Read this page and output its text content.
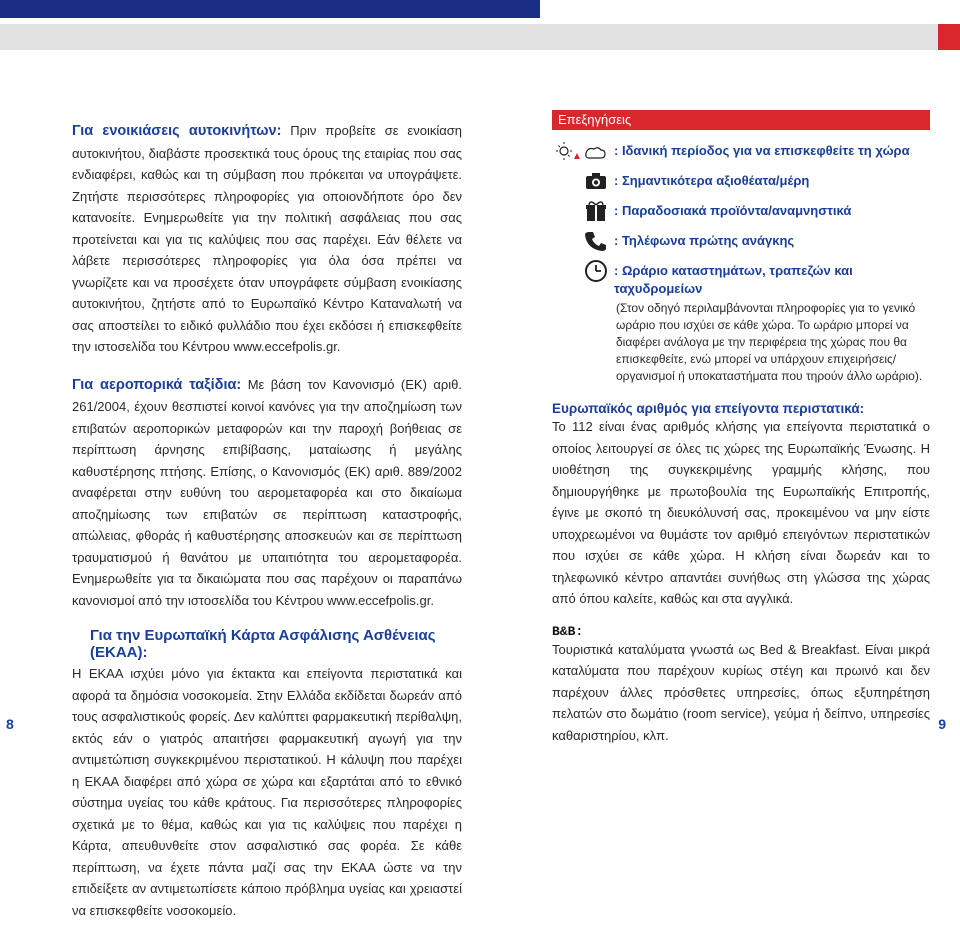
Για ενοικιάσεις αυτοκινήτων: Πριν προβείτε σε ενοικίαση αυτοκινήτου, διαβάστε προσεκτικά τους όρους της εταιρίας που σας ενδιαφέρει, καθώς και τη σύμβαση που πρόκειται να υπογράψετε. Ζητήστε περισσότερες πληροφορίες για οποιονδήποτε όρο δεν κατανοείτε. Ενημερωθείτε για την πολιτική ασφάλειας που σας προτείνεται και για τις καλύψεις που σας παρέχει. Εάν θέλετε να λάβετε περισσότερες πληροφορίες για όλα όσα πρέπει να γνωρίζετε και να προσέχετε όταν υπογράφετε σύμβαση ενοικίασης αυτοκινήτου, ζητήστε από το Ευρωπαϊκό Κέντρο Καταναλωτή να σας αποστείλει το ειδικό φυλλάδιο που έχει εκδόσει ή επισκεφθείτε την ιστοσελίδα του Κέντρου www.eccefpolis.gr.

Για αεροπορικά ταξίδια: Με βάση τον Κανονισμό (ΕΚ) αριθ. 261/2004, έχουν θεσπιστεί κοινοί κανόνες για την αποζημίωση των επιβατών αεροπορικών μεταφορών και την παροχή βοήθειας σε περίπτωση άρνησης επιβίβασης, ματαίωσης ή μεγάλης καθυστέρησης πτήσης. Επίσης, ο Κανονισμός (ΕΚ) αριθ. 889/2002 αναφέρεται στην ευθύνη του αερομεταφορέα και στο δικαίωμα αποζημίωσης των επιβατών σε περίπτωση καταστροφής, απώλειας, φθοράς ή καθυστέρησης αποσκευών και σε περίπτωση τραυματισμού ή θανάτου με υπαιτιότητα του αερομεταφορέα. Ενημερωθείτε για τα δικαιώματα που σας παρέχουν οι παραπάνω κανονισμοί από την ιστοσελίδα του Κέντρου www.eccefpolis.gr.

Για την Ευρωπαϊκή Κάρτα Ασφάλισης Ασθένειας (ΕΚΑΑ):

Η ΕΚΑΑ ισχύει μόνο για έκτακτα και επείγοντα περιστατικά και αφορά τα δημόσια νοσοκομεία. Στην Ελλάδα εκδίδεται δωρεάν από τους ασφαλιστικούς φορείς. Δεν καλύπτει φαρμακευτική περίθαλψη, εκτός εάν ο γιατρός απαιτήσει φαρμακευτική αγωγή για την αντιμετώπιση συγκεκριμένου περιστατικού. Η κάλυψη που παρέχει η ΕΚΑΑ διαφέρει από χώρα σε χώρα και εξαρτάται από το εθνικό σύστημα υγείας του κάθε κράτους. Για περισσότερες πληροφορίες σχετικά με το θέμα, καθώς και για τις καλύψεις που παρέχει η Κάρτα, απευθυνθείτε στον ασφαλιστικό σας φορέα. Σε κάθε περίπτωση, να έχετε πάντα μαζί σας την ΕΚΑΑ ώστε να την επιδείξετε αν αντιμετωπίσετε κάποιο πρόβλημα υγείας και χρειαστεί να επισκεφθείτε νοσοκομείο.

Επεξηγήσεις
: Ιδανική περίοδος για να επισκεφθείτε τη χώρα
: Σημαντικότερα αξιοθέατα/μέρη
: Παραδοσιακά προϊόντα/αναμνηστικά
: Τηλέφωνα πρώτης ανάγκης
: Ωράριο καταστημάτων, τραπεζών και ταχυδρομείων
(Στον οδηγό περιλαμβάνονται πληροφορίες για το γενικό ωράριο που ισχύει σε κάθε χώρα. Το ωράριο μπορεί να διαφέρει ανάλογα με την περιφέρεια της χώρας που θα επισκεφθείτε, ενώ μπορεί να υπάρχουν επιχειρήσεις/οργανισμοί ή υποκαταστήματα που τηρούν άλλο ωράριο).
Ευρωπαϊκός αριθμός για επείγοντα περιστατικά:

Το 112 είναι ένας αριθμός κλήσης για επείγοντα περιστατικά ο οποίος λειτουργεί σε όλες τις χώρες της Ευρωπαϊκής Ένωσης. Η υιοθέτηση της συγκεκριμένης γραμμής κλήσης, που δημιουργήθηκε με πρωτοβουλία της Ευρωπαϊκής Επιτροπής, έγινε με σκοπό τη διευκόλυνσή σας, προκειμένου να μην είστε υποχρεωμένοι να θυμάστε τον αριθμό επειγόντων περιστατικών που ισχύει σε κάθε χώρα. Η κλήση είναι δωρεάν και το τηλεφωνικό κέντρο απαντάει συνήθως στη γλώσσα της χώρας από όπου καλείτε, καθώς και στα αγγλικά.

B&B:

Τουριστικά καταλύματα γνωστά ως Bed & Breakfast. Είναι μικρά καταλύματα που παρέχουν κυρίως στέγη και πρωινό και δεν παρέχουν άλλες πρόσθετες υπηρεσίες, όπως εξυπηρέτηση πελατών στο δωμάτιο (room service), γεύμα ή δείπνο, υπηρεσίες καθαριστηρίου, κλπ.

8	9
